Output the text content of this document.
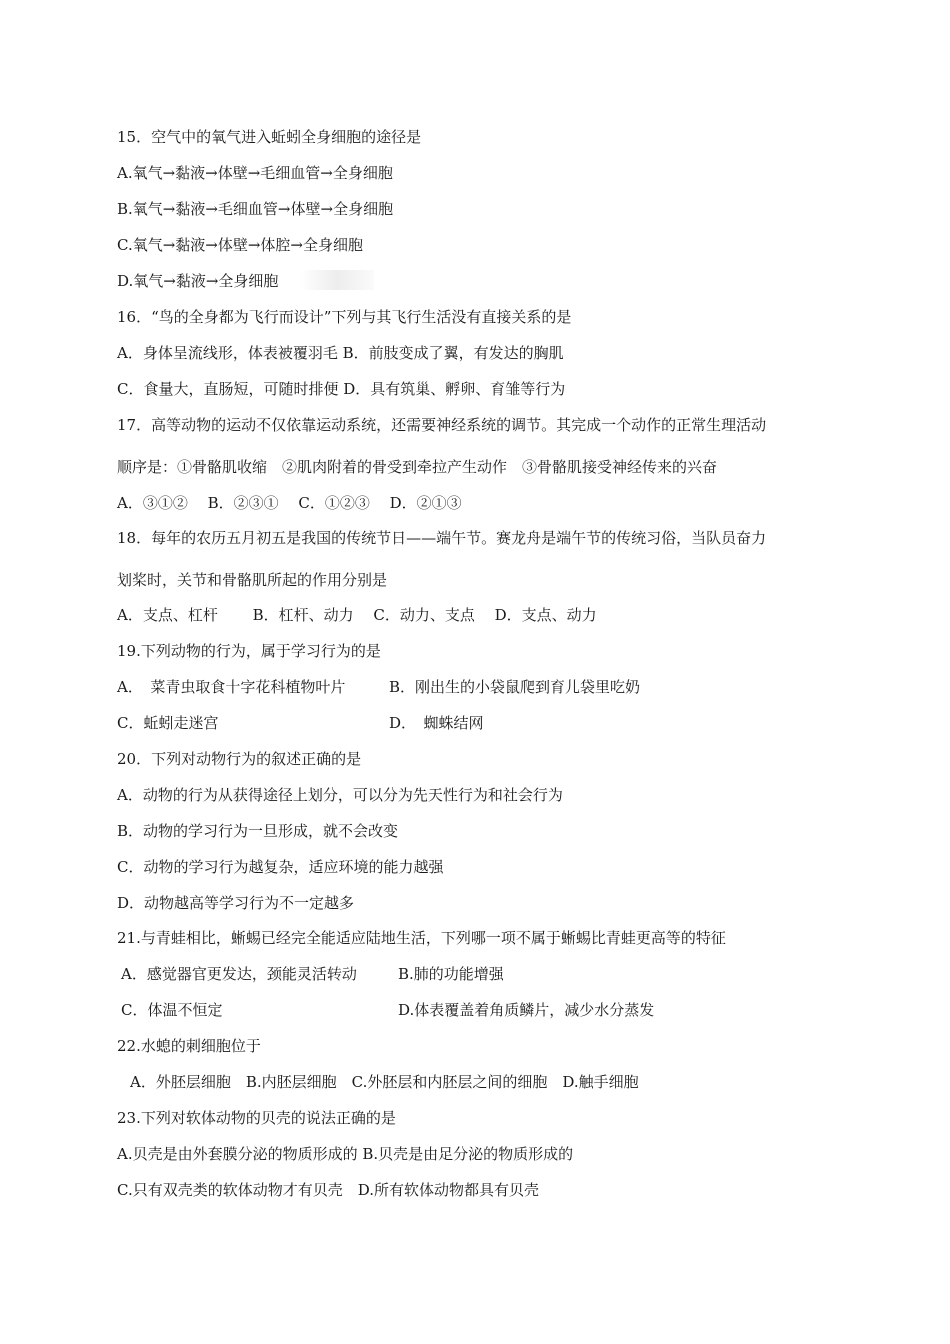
15．空气中的氧气进入蚯蚓全身细胞的途径是
A.氧气→黏液→体壁→毛细血管→全身细胞
B.氧气→黏液→毛细血管→体壁→全身细胞
C.氧气→黏液→体壁→体腔→全身细胞
D.氧气→黏液→全身细胞
16．“鸟的全身都为飞行而设计”下列与其飞行生活没有直接关系的是
A．身体呈流线形，体表被覆羽毛 B．前肢变成了翼，有发达的胸肌
C．食量大，直肠短，可随时排便 D．具有筑巢、孵卵、育雏等行为
17．高等动物的运动不仅依靠运动系统，还需要神经系统的调节。其完成一个动作的正常生理活动
顺序是：①骨骼肌收缩　②肌肉附着的骨受到牵拉产生动作　③骨骼肌接受神经传来的兴奋
A．③①②　 B．②③①　 C．①②③　 D．②①③
18．每年的农历五月初五是我国的传统节日——端午节。赛龙舟是端午节的传统习俗，当队员奋力
划桨时，关节和骨骼肌所起的作用分别是
A．支点、杠杆　　 B．杠杆、动力　 C．动力、支点　 D．支点、动力
19.下列动物的行为，属于学习行为的是
A．　菜青虫取食十字花科植物叶片	B．刚出生的小袋鼠爬到育儿袋里吃奶
C．蚯蚓走迷宫	D．　蜘蛛结网
20．下列对动物行为的叙述正确的是
A．动物的行为从获得途径上划分，可以分为先天性行为和社会行为
B．动物的学习行为一旦形成，就不会改变
C．动物的学习行为越复杂，适应环境的能力越强
D．动物越高等学习行为不一定越多
21.与青蛙相比，蜥蜴已经完全能适应陆地生活，下列哪一项不属于蜥蜴比青蛙更高等的特征
A．感觉器官更发达，颈能灵活转动	B.肺的功能增强
C．体温不恒定	D.体表覆盖着角质鳞片，减少水分蒸发
22.水螅的刺细胞位于
A．外胚层细胞　B.内胚层细胞　C.外胚层和内胚层之间的细胞　D.触手细胞
23.下列对软体动物的贝壳的说法正确的是
A.贝壳是由外套膜分泌的物质形成的 B.贝壳是由足分泌的物质形成的
C.只有双壳类的软体动物才有贝壳　D.所有软体动物都具有贝壳
